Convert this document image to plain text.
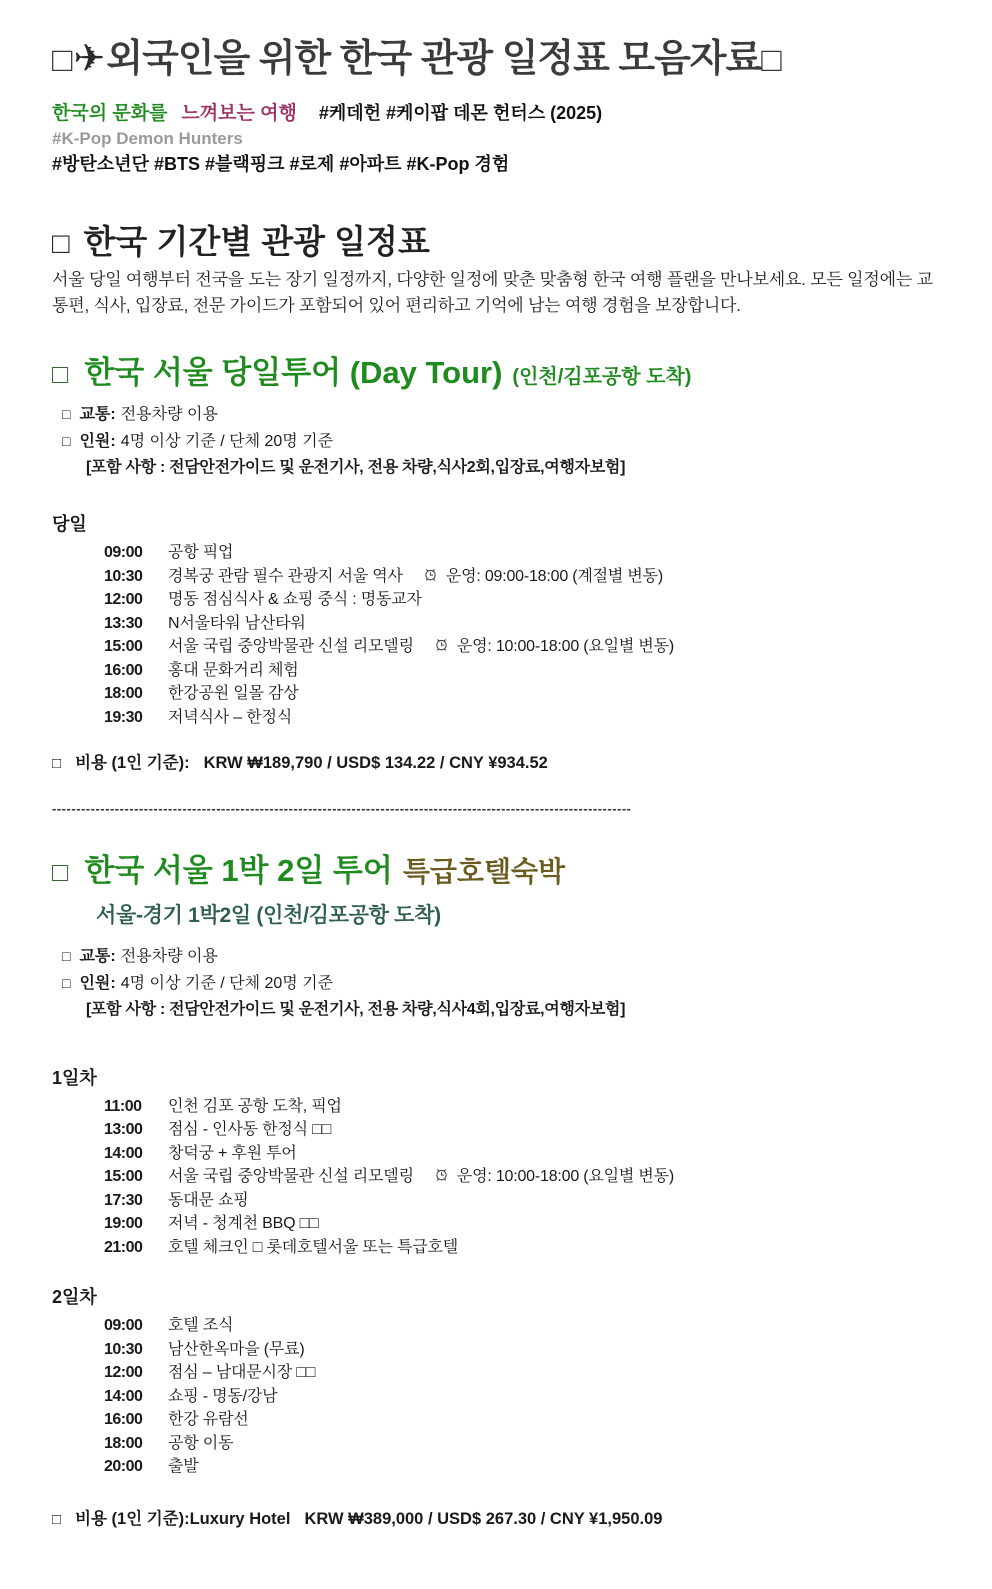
□✈외국인을 위한 한국 관광 일정표 모음자료□
한국의 문화를 느껴보는 여행 #케데헌 #케이팝 데몬 헌터스 (2025)
#K-Pop Demon Hunters
#방탄소년단 #BTS #블랙핑크 #로제 #아파트 #K-Pop 경험
□ 한국 기간별 관광 일정표

서울 당일 여행부터 전국을 도는 장기 일정까지, 다양한 일정에 맞춘 맞춤형 한국 여행 플랜을 만나보세요. 모든 일정에는 교통편, 식사, 입장료, 전문 가이드가 포함되어 있어 편리하고 기억에 남는 여행 경험을 보장합니다.

□ 한국 서울 당일투어 (Day Tour) (인천/김포공항 도착)
□ 교통: 전용차량 이용
□ 인원: 4명 이상 기준 / 단체 20명 기준
[포함 사항 : 전담안전가이드 및 운전기사, 전용 차량,식사2회,입장료,여행자보험]
당일
09:00	공항 픽업
10:30	경복궁 관람 필수 관광지 서울 역사	운영: 09:00-18:00 (계절별 변동)
12:00	명동 점심식사 & 쇼핑 중식 : 명동교자
13:30	N서울타워 남산타워
15:00	서울 국립 중앙박물관 신설 리모델링	운영: 10:00-18:00 (요일별 변동)
16:00	홍대 문화거리 체험
18:00	한강공원 일몰 감상
19:30	저녁식사 – 한정식
□ 비용 (1인 기준): KRW ₩189,790 / USD$ 134.22 / CNY ¥934.52
------------------------------------------------------------------------------------------------------------------------
□ 한국 서울 1박 2일 투어 특급호텔숙박
서울-경기 1박2일 (인천/김포공항 도착)
□ 교통: 전용차량 이용
□ 인원: 4명 이상 기준 / 단체 20명 기준
[포함 사항 : 전담안전가이드 및 운전기사, 전용 차량,식사4회,입장료,여행자보험]
1일차
11:00	인천 김포 공항 도착, 픽업
13:00	점심 - 인사동 한정식 □□
14:00	창덕궁 + 후원 투어
15:00	서울 국립 중앙박물관 신설 리모델링	운영: 10:00-18:00 (요일별 변동)
17:30	동대문 쇼핑
19:00	저녁 - 청계천 BBQ □□
21:00	호텔 체크인 □ 롯데호텔서울 또는 특급호텔
2일차
09:00	호텔 조식
10:30	남산한옥마을 (무료)
12:00	점심 – 남대문시장 □□
14:00	쇼핑 - 명동/강남
16:00	한강 유람선
18:00	공항 이동
20:00	출발
□ 비용 (1인 기준):Luxury Hotel KRW ₩389,000 / USD$ 267.30 / CNY ¥1,950.09
